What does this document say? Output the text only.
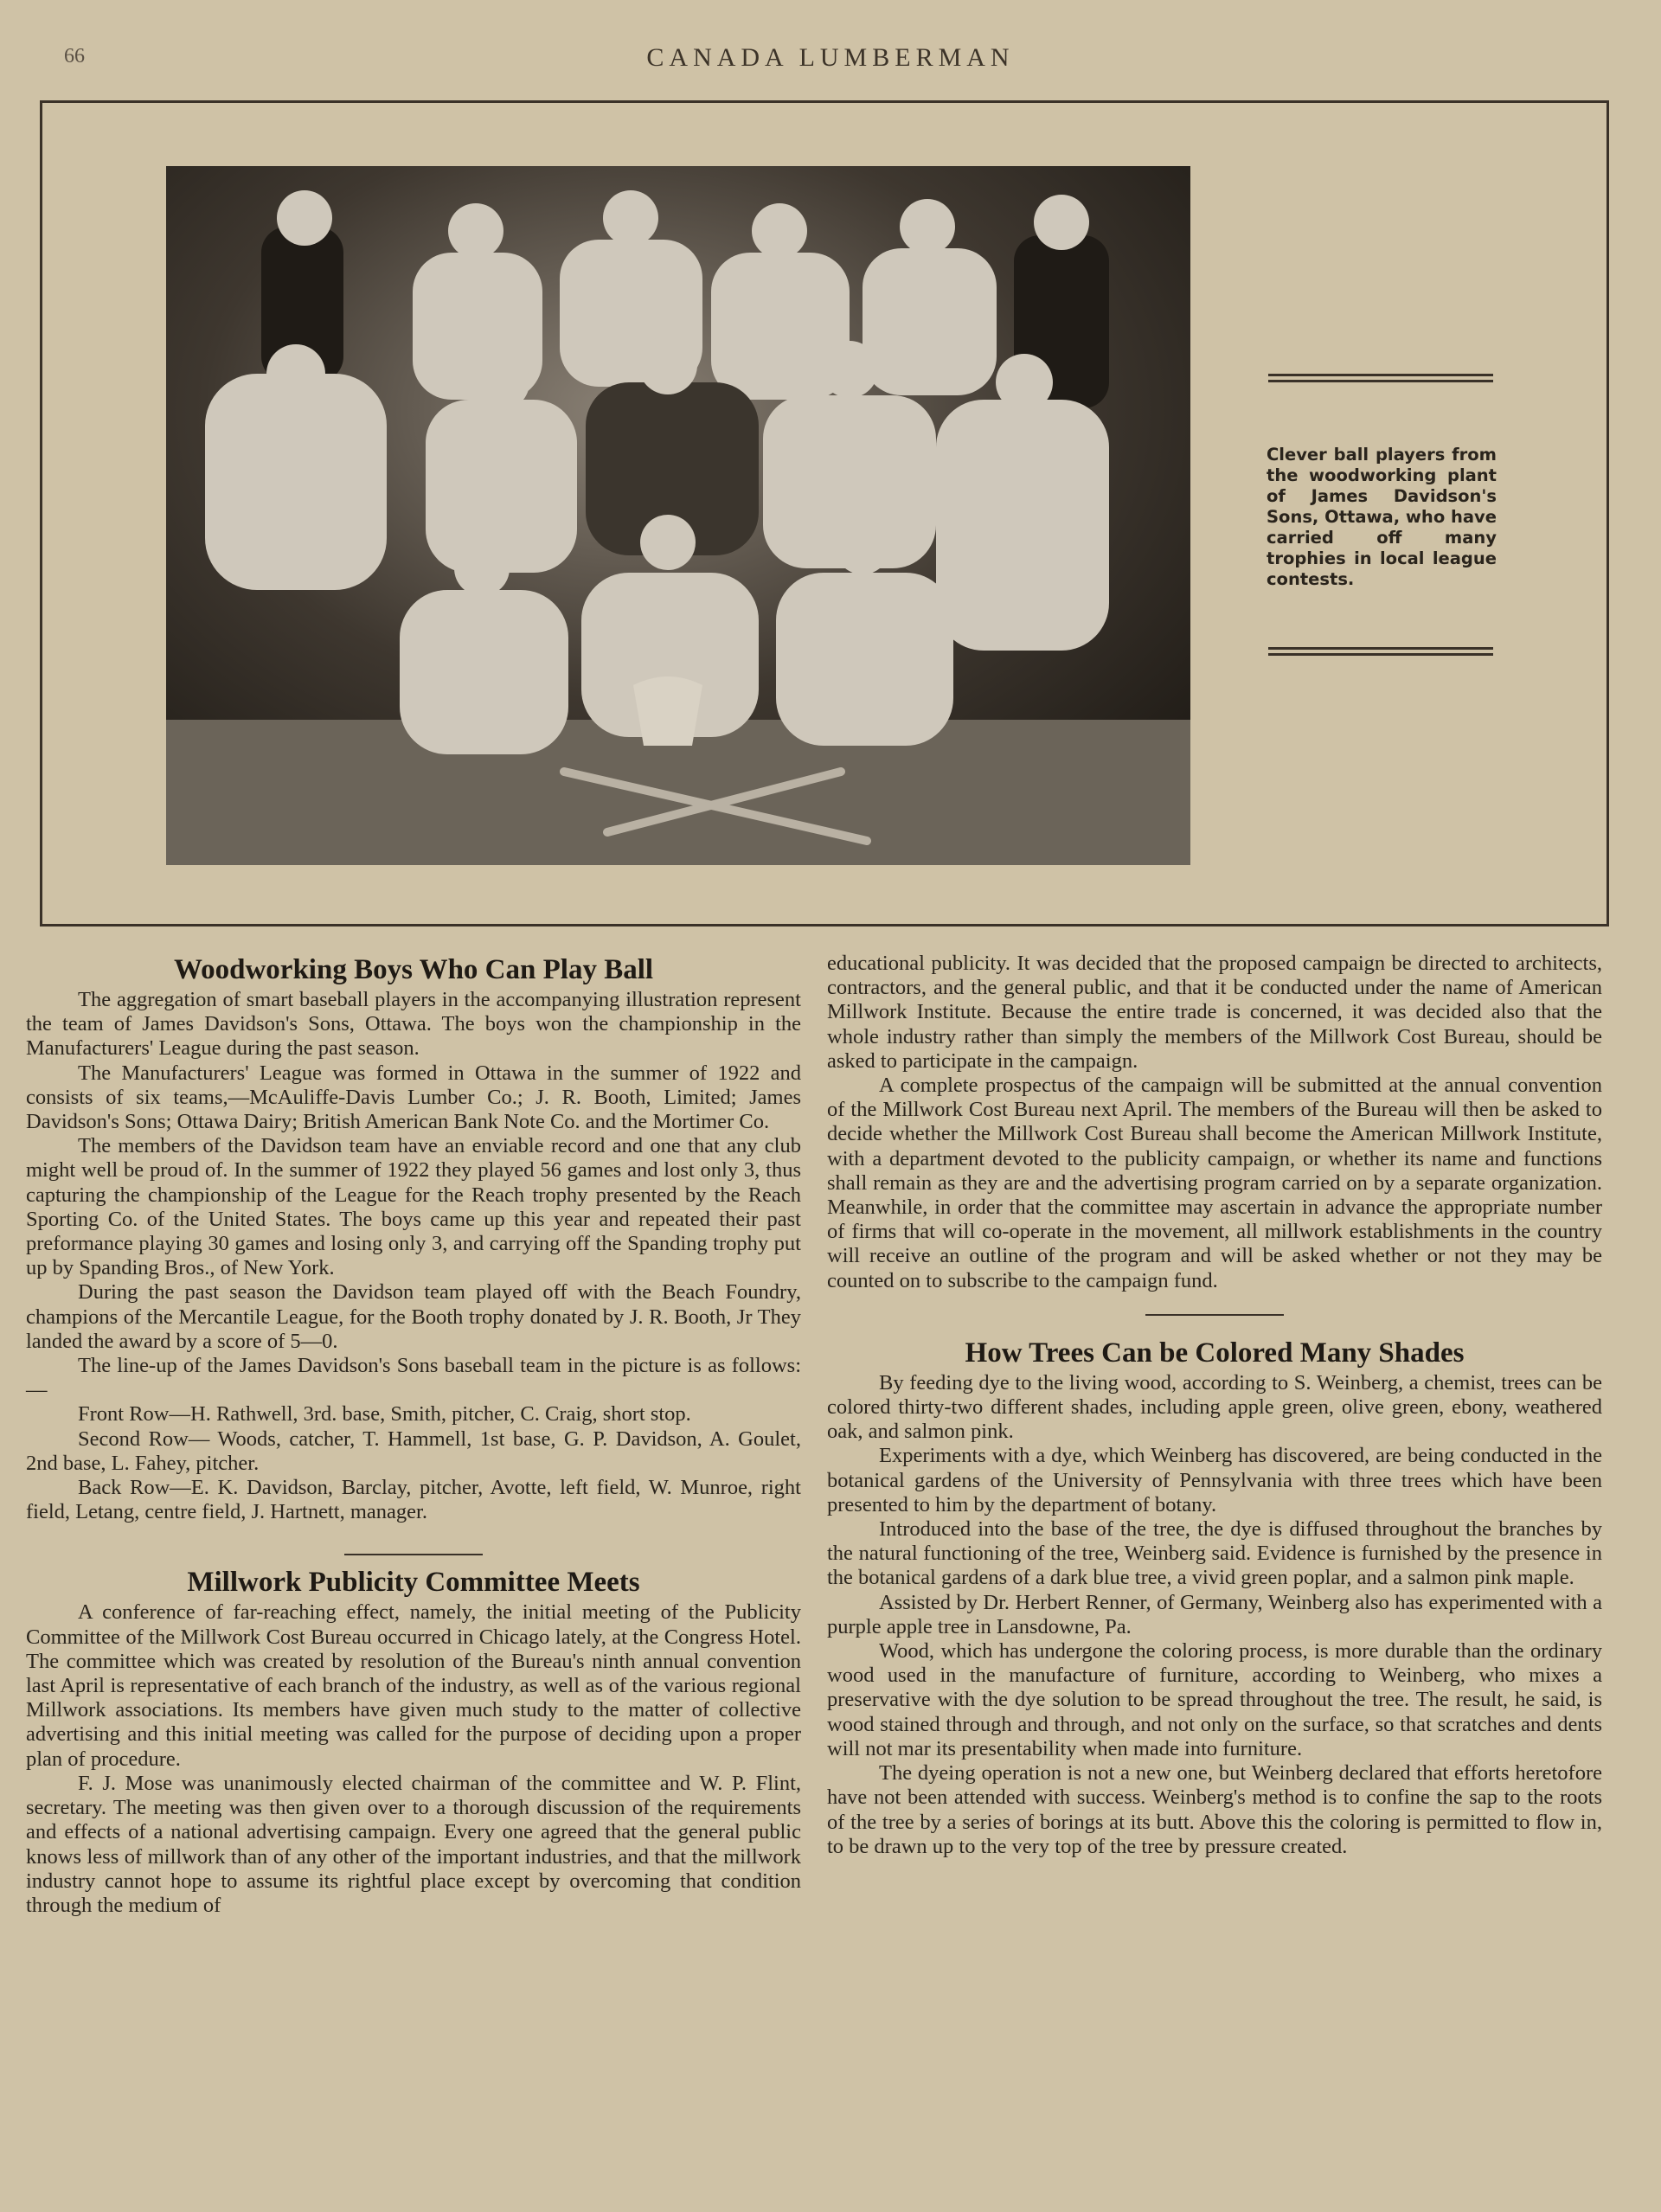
66	CANADA LUMBERMAN
Clever ball players from the woodworking plant of James Davidson's Sons, Ottawa, who have carried off many trophies in local league contests.
Woodworking Boys Who Can Play Ball

The aggregation of smart baseball players in the accompanying illustration represent the team of James Davidson's Sons, Ottawa. The boys won the championship in the Manufacturers' League during the past season.

The Manufacturers' League was formed in Ottawa in the summer of 1922 and consists of six teams,—McAuliffe-Davis Lumber Co.; J. R. Booth, Limited; James Davidson's Sons; Ottawa Dairy; British American Bank Note Co. and the Mortimer Co.

The members of the Davidson team have an enviable record and one that any club might well be proud of. In the summer of 1922 they played 56 games and lost only 3, thus capturing the championship of the League for the Reach trophy presented by the Reach Sporting Co. of the United States. The boys came up this year and repeated their past preformance playing 30 games and losing only 3, and carrying off the Spanding trophy put up by Spanding Bros., of New York.

During the past season the Davidson team played off with the Beach Foundry, champions of the Mercantile League, for the Booth trophy donated by J. R. Booth, Jr They landed the award by a score of 5—0.

The line-up of the James Davidson's Sons baseball team in the picture is as follows:—

Front Row—H. Rathwell, 3rd. base, Smith, pitcher, C. Craig, short stop.

Second Row— Woods, catcher, T. Hammell, 1st base, G. P. Davidson, A. Goulet, 2nd base, L. Fahey, pitcher.

Back Row—E. K. Davidson, Barclay, pitcher, Avotte, left field, W. Munroe, right field, Letang, centre field, J. Hartnett, manager.

Millwork Publicity Committee Meets

A conference of far-reaching effect, namely, the initial meeting of the Publicity Committee of the Millwork Cost Bureau occurred in Chicago lately, at the Congress Hotel. The committee which was created by resolution of the Bureau's ninth annual convention last April is representative of each branch of the industry, as well as of the various regional Millwork associations. Its members have given much study to the matter of collective advertising and this initial meeting was called for the purpose of deciding upon a proper plan of procedure.

F. J. Mose was unanimously elected chairman of the committee and W. P. Flint, secretary. The meeting was then given over to a thorough discussion of the requirements and effects of a national advertising campaign. Every one agreed that the general public knows less of millwork than of any other of the important industries, and that the millwork industry cannot hope to assume its rightful place except by overcoming that condition through the medium of

educational publicity. It was decided that the proposed campaign be directed to architects, contractors, and the general public, and that it be conducted under the name of American Millwork Institute. Because the entire trade is concerned, it was decided also that the whole industry rather than simply the members of the Millwork Cost Bureau, should be asked to participate in the campaign.

A complete prospectus of the campaign will be submitted at the annual convention of the Millwork Cost Bureau next April. The members of the Bureau will then be asked to decide whether the Millwork Cost Bureau shall become the American Millwork Institute, with a department devoted to the publicity campaign, or whether its name and functions shall remain as they are and the advertising program carried on by a separate organization. Meanwhile, in order that the committee may ascertain in advance the appropriate number of firms that will co-operate in the movement, all millwork establishments in the country will receive an outline of the program and will be asked whether or not they may be counted on to subscribe to the campaign fund.

How Trees Can be Colored Many Shades

By feeding dye to the living wood, according to S. Weinberg, a chemist, trees can be colored thirty-two different shades, including apple green, olive green, ebony, weathered oak, and salmon pink.

Experiments with a dye, which Weinberg has discovered, are being conducted in the botanical gardens of the University of Pennsylvania with three trees which have been presented to him by the department of botany.

Introduced into the base of the tree, the dye is diffused throughout the branches by the natural functioning of the tree, Weinberg said. Evidence is furnished by the presence in the botanical gardens of a dark blue tree, a vivid green poplar, and a salmon pink maple.

Assisted by Dr. Herbert Renner, of Germany, Weinberg also has experimented with a purple apple tree in Lansdowne, Pa.

Wood, which has undergone the coloring process, is more durable than the ordinary wood used in the manufacture of furniture, according to Weinberg, who mixes a preservative with the dye solution to be spread throughout the tree. The result, he said, is wood stained through and through, and not only on the surface, so that scratches and dents will not mar its presentability when made into furniture.

The dyeing operation is not a new one, but Weinberg declared that efforts heretofore have not been attended with success. Weinberg's method is to confine the sap to the roots of the tree by a series of borings at its butt. Above this the coloring is permitted to flow in, to be drawn up to the very top of the tree by pressure created.
